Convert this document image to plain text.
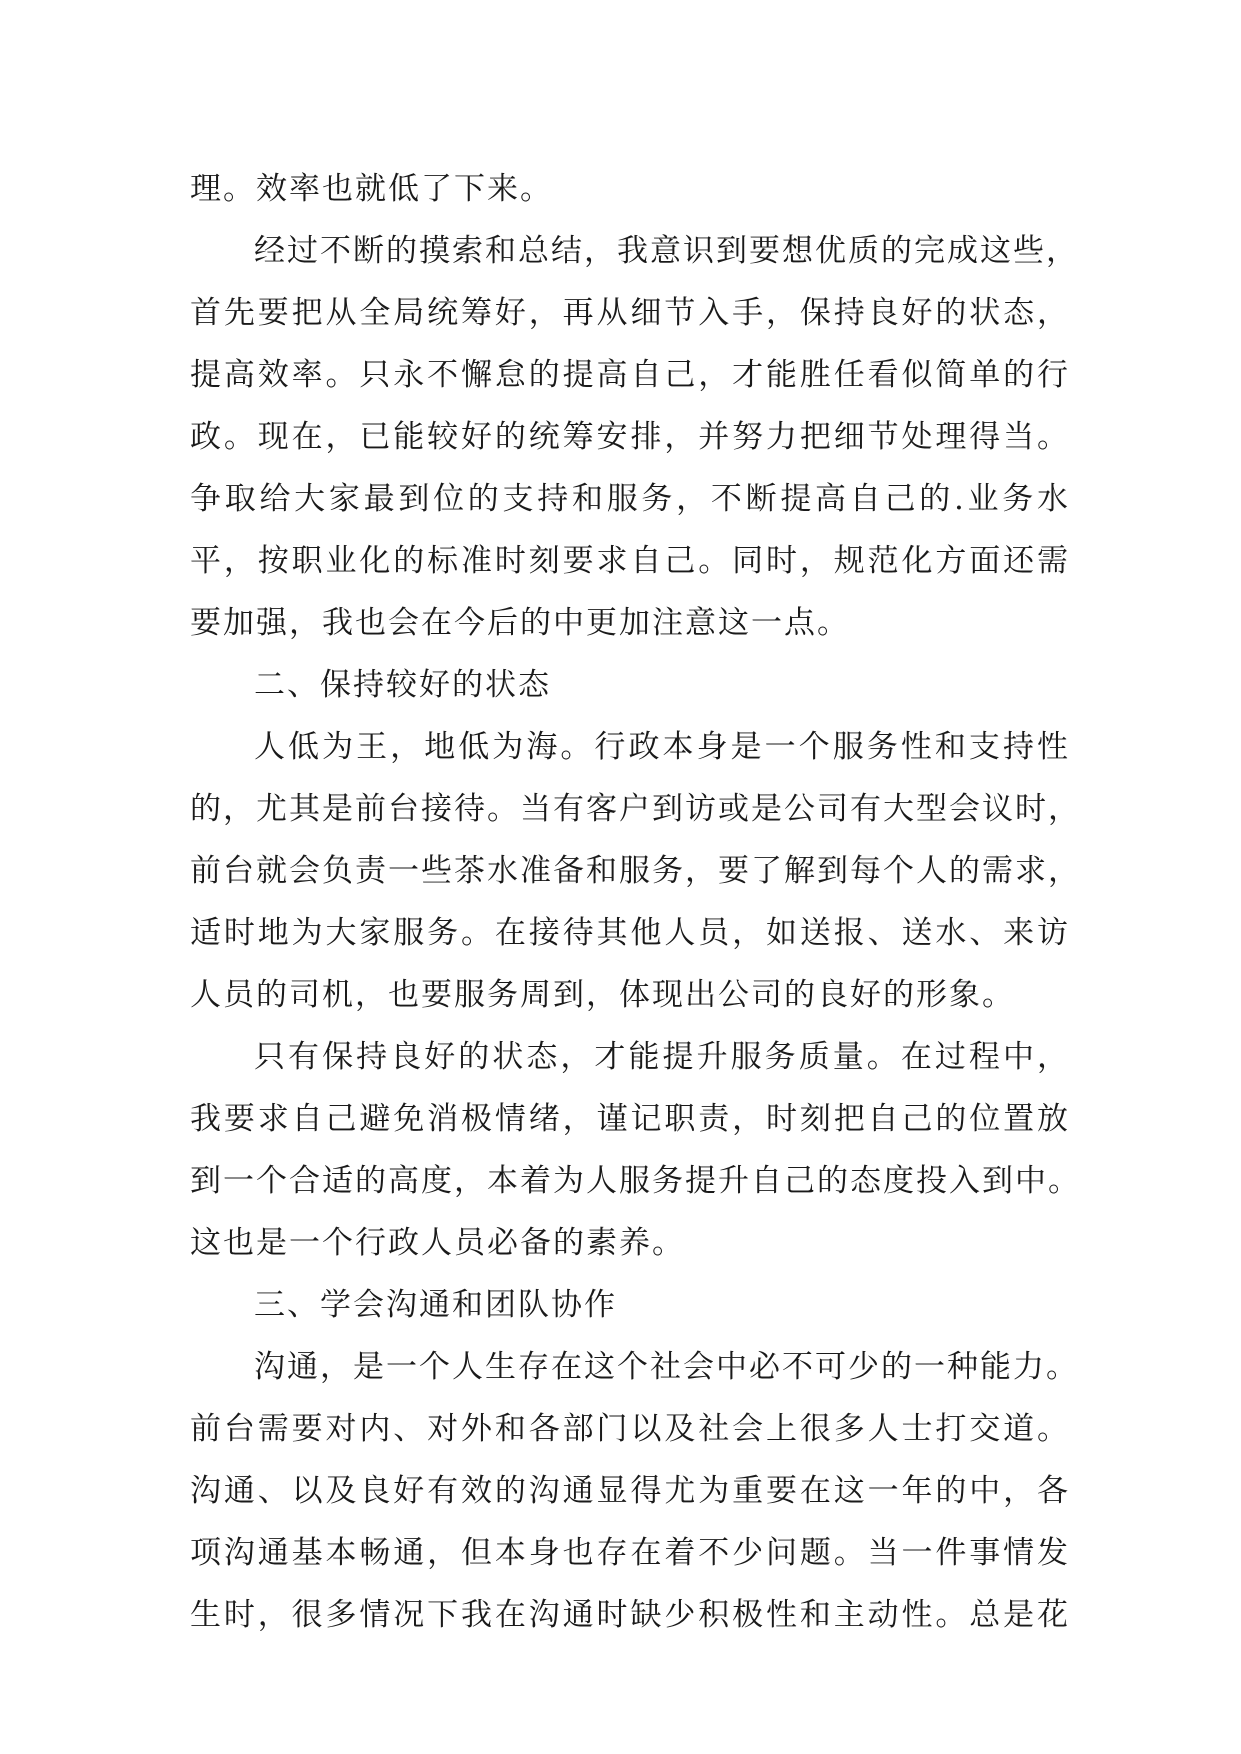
理。效率也就低了下来。
经过不断的摸索和总结，我意识到要想优质的完成这些，
首先要把从全局统筹好，再从细节入手，保持良好的状态，
提高效率。只永不懈怠的提高自己，才能胜任看似简单的行
政。现在，已能较好的统筹安排，并努力把细节处理得当。
争取给大家最到位的支持和服务，不断提高自己的.业务水
平，按职业化的标准时刻要求自己。同时，规范化方面还需
要加强，我也会在今后的中更加注意这一点。
二、保持较好的状态
人低为王，地低为海。行政本身是一个服务性和支持性
的，尤其是前台接待。当有客户到访或是公司有大型会议时，
前台就会负责一些茶水准备和服务，要了解到每个人的需求，
适时地为大家服务。在接待其他人员，如送报、送水、来访
人员的司机，也要服务周到，体现出公司的良好的形象。
只有保持良好的状态，才能提升服务质量。在过程中，
我要求自己避免消极情绪，谨记职责，时刻把自己的位置放
到一个合适的高度，本着为人服务提升自己的态度投入到中。
这也是一个行政人员必备的素养。
三、学会沟通和团队协作
沟通，是一个人生存在这个社会中必不可少的一种能力。
前台需要对内、对外和各部门以及社会上很多人士打交道。
沟通、以及良好有效的沟通显得尤为重要在这一年的中，各
项沟通基本畅通，但本身也存在着不少问题。当一件事情发
生时，很多情况下我在沟通时缺少积极性和主动性。总是花
